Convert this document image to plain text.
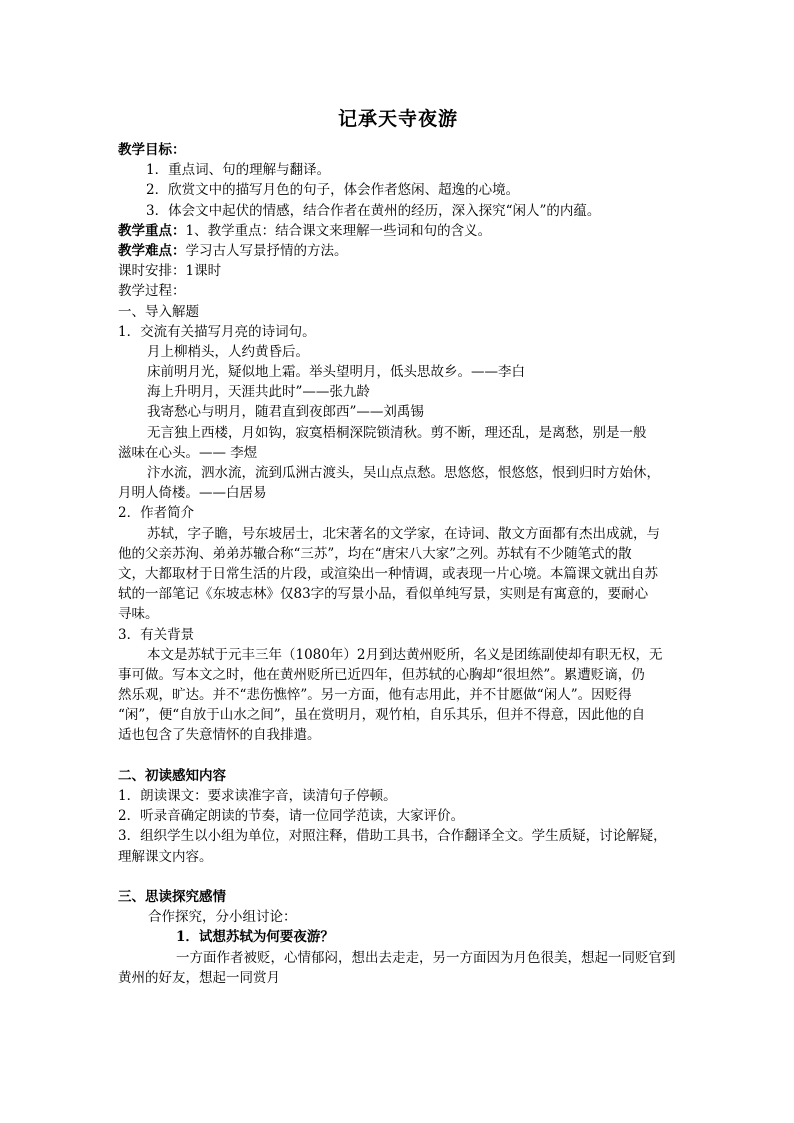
记承天寺夜游
教学目标：
1．重点词、句的理解与翻译。
2．欣赏文中的描写月色的句子，体会作者悠闲、超逸的心境。
3．体会文中起伏的情感，结合作者在黄州的经历，深入探究“闲人”的内蕴。
教学重点：1、教学重点：结合课文来理解一些词和句的含义。
教学难点：学习古人写景抒情的方法。
课时安排：1课时
教学过程：
一、导入解题
1．交流有关描写月亮的诗词句。
月上柳梢头，人约黄昏后。
床前明月光，疑似地上霜。举头望明月，低头思故乡。——李白
海上升明月，天涯共此时”——张九龄
我寄愁心与明月，随君直到夜郎西”——刘禹锡
无言独上西楼，月如钩，寂寞梧桐深院锁清秋。剪不断，理还乱，是离愁，别是一般
滋味在心头。—— 李煜
汴水流，泗水流，流到瓜洲古渡头，吴山点点愁。思悠悠，恨悠悠，恨到归时方始休，
月明人倚楼。——白居易
2．作者简介
苏轼，字子瞻，号东坡居士，北宋著名的文学家，在诗词、散文方面都有杰出成就，与
他的父亲苏洵、弟弟苏辙合称“三苏”，均在“唐宋八大家”之列。苏轼有不少随笔式的散
文，大都取材于日常生活的片段，或渲染出一种情调，或表现一片心境。本篇课文就出自苏
轼的一部笔记《东坡志林》仅83字的写景小品，看似单纯写景，实则是有寓意的，要耐心
寻味。
3．有关背景
本文是苏轼于元丰三年（1080年）2月到达黄州贬所，名义是团练副使却有职无权，无
事可做。写本文之时，他在黄州贬所已近四年，但苏轼的心胸却“很坦然”。累遭贬谪，仍
然乐观，旷达。并不“悲伤憔悴”。另一方面，他有志用此，并不甘愿做“闲人”。因贬得
“闲”，便“自放于山水之间”，虽在赏明月，观竹柏，自乐其乐，但并不得意，因此他的自
适也包含了失意情怀的自我排遣。
二、初读感知内容
1．朗读课文：要求读准字音，读清句子停顿。
2．听录音确定朗读的节奏，请一位同学范读，大家评价。
3．组织学生以小组为单位，对照注释，借助工具书，合作翻译全文。学生质疑，讨论解疑，
理解课文内容。
三、思读探究感情
合作探究，分小组讨论：
1．试想苏轼为何要夜游？
一方面作者被贬，心情郁闷，想出去走走，另一方面因为月色很美，想起一同贬官到
黄州的好友，想起一同赏月
